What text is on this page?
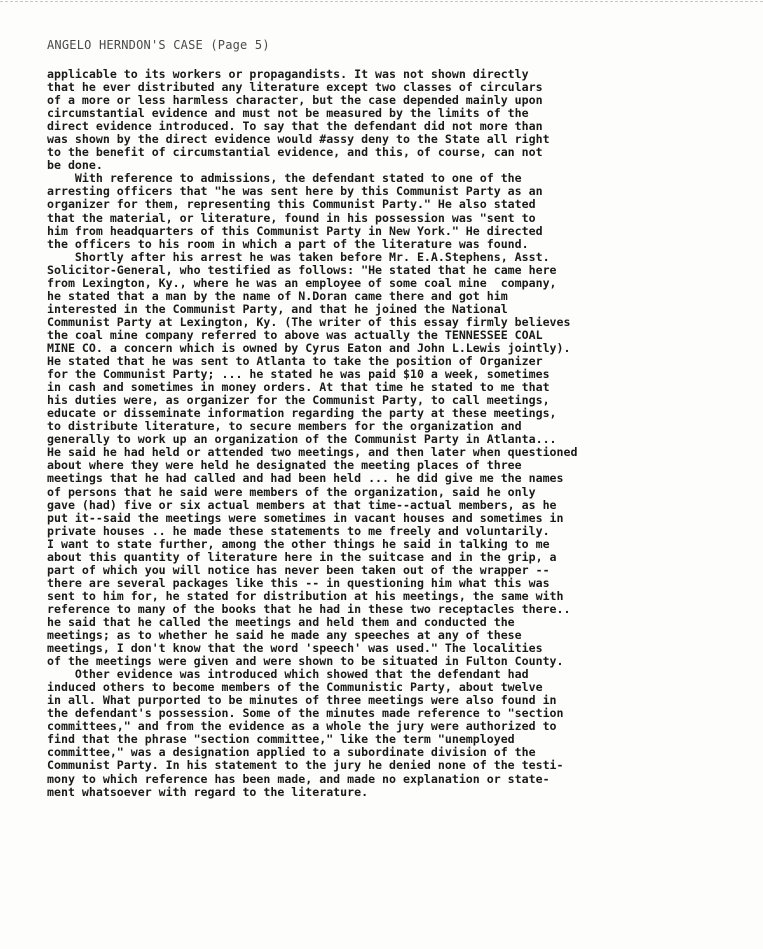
ANGELO HERNDON'S CASE (Page 5)
applicable to its workers or propagandists. It was not shown directly
that he ever distributed any literature except two classes of circulars
of a more or less harmless character, but the case depended mainly upon
circumstantial evidence and must not be measured by the limits of the
direct evidence introduced. To say that the defendant did not more than
was shown by the direct evidence would #assy deny to the State all right
to the benefit of circumstantial evidence, and this, of course, can not
be done.
With reference to admissions, the defendant stated to one of the
arresting officers that "he was sent here by this Communist Party as an
organizer for them, representing this Communist Party." He also stated
that the material, or literature, found in his possession was "sent to
him from headquarters of this Communist Party in New York." He directed
the officers to his room in which a part of the literature was found.
Shortly after his arrest he was taken before Mr. E.A.Stephens, Asst.
Solicitor-General, who testified as follows: "He stated that he came here
from Lexington, Ky., where he was an employee of some coal mine  company,
he stated that a man by the name of N.Doran came there and got him
interested in the Communist Party, and that he joined the National
Communist Party at Lexington, Ky. (The writer of this essay firmly believes
the coal mine company referred to above was actually the TENNESSEE COAL
MINE CO. a concern which is owned by Cyrus Eaton and John L.Lewis jointly).
He stated that he was sent to Atlanta to take the position of Organizer
for the Communist Party; ... he stated he was paid $10 a week, sometimes
in cash and sometimes in money orders. At that time he stated to me that
his duties were, as organizer for the Communist Party, to call meetings,
educate or disseminate information regarding the party at these meetings,
to distribute literature, to secure members for the organization and
generally to work up an organization of the Communist Party in Atlanta...
He said he had held or attended two meetings, and then later when questioned
about where they were held he designated the meeting places of three
meetings that he had called and had been held ... he did give me the names
of persons that he said were members of the organization, said he only
gave (had) five or six actual members at that time--actual members, as he
put it--said the meetings were sometimes in vacant houses and sometimes in
private houses .. he made these statements to me freely and voluntarily.
I want to state further, among the other things he said in talking to me
about this quantity of literature here in the suitcase and in the grip, a
part of which you will notice has never been taken out of the wrapper --
there are several packages like this -- in questioning him what this was
sent to him for, he stated for distribution at his meetings, the same with
reference to many of the books that he had in these two receptacles there..
he said that he called the meetings and held them and conducted the
meetings; as to whether he said he made any speeches at any of these
meetings, I don't know that the word 'speech' was used." The localities
of the meetings were given and were shown to be situated in Fulton County.
Other evidence was introduced which showed that the defendant had
induced others to become members of the Communistic Party, about twelve
in all. What purported to be minutes of three meetings were also found in
the defendant's possession. Some of the minutes made reference to "section
committees," and from the evidence as a whole the jury were authorized to
find that the phrase "section committee," like the term "unemployed
committee," was a designation applied to a subordinate division of the
Communist Party. In his statement to the jury he denied none of the testi-
mony to which reference has been made, and made no explanation or state-
ment whatsoever with regard to the literature.
